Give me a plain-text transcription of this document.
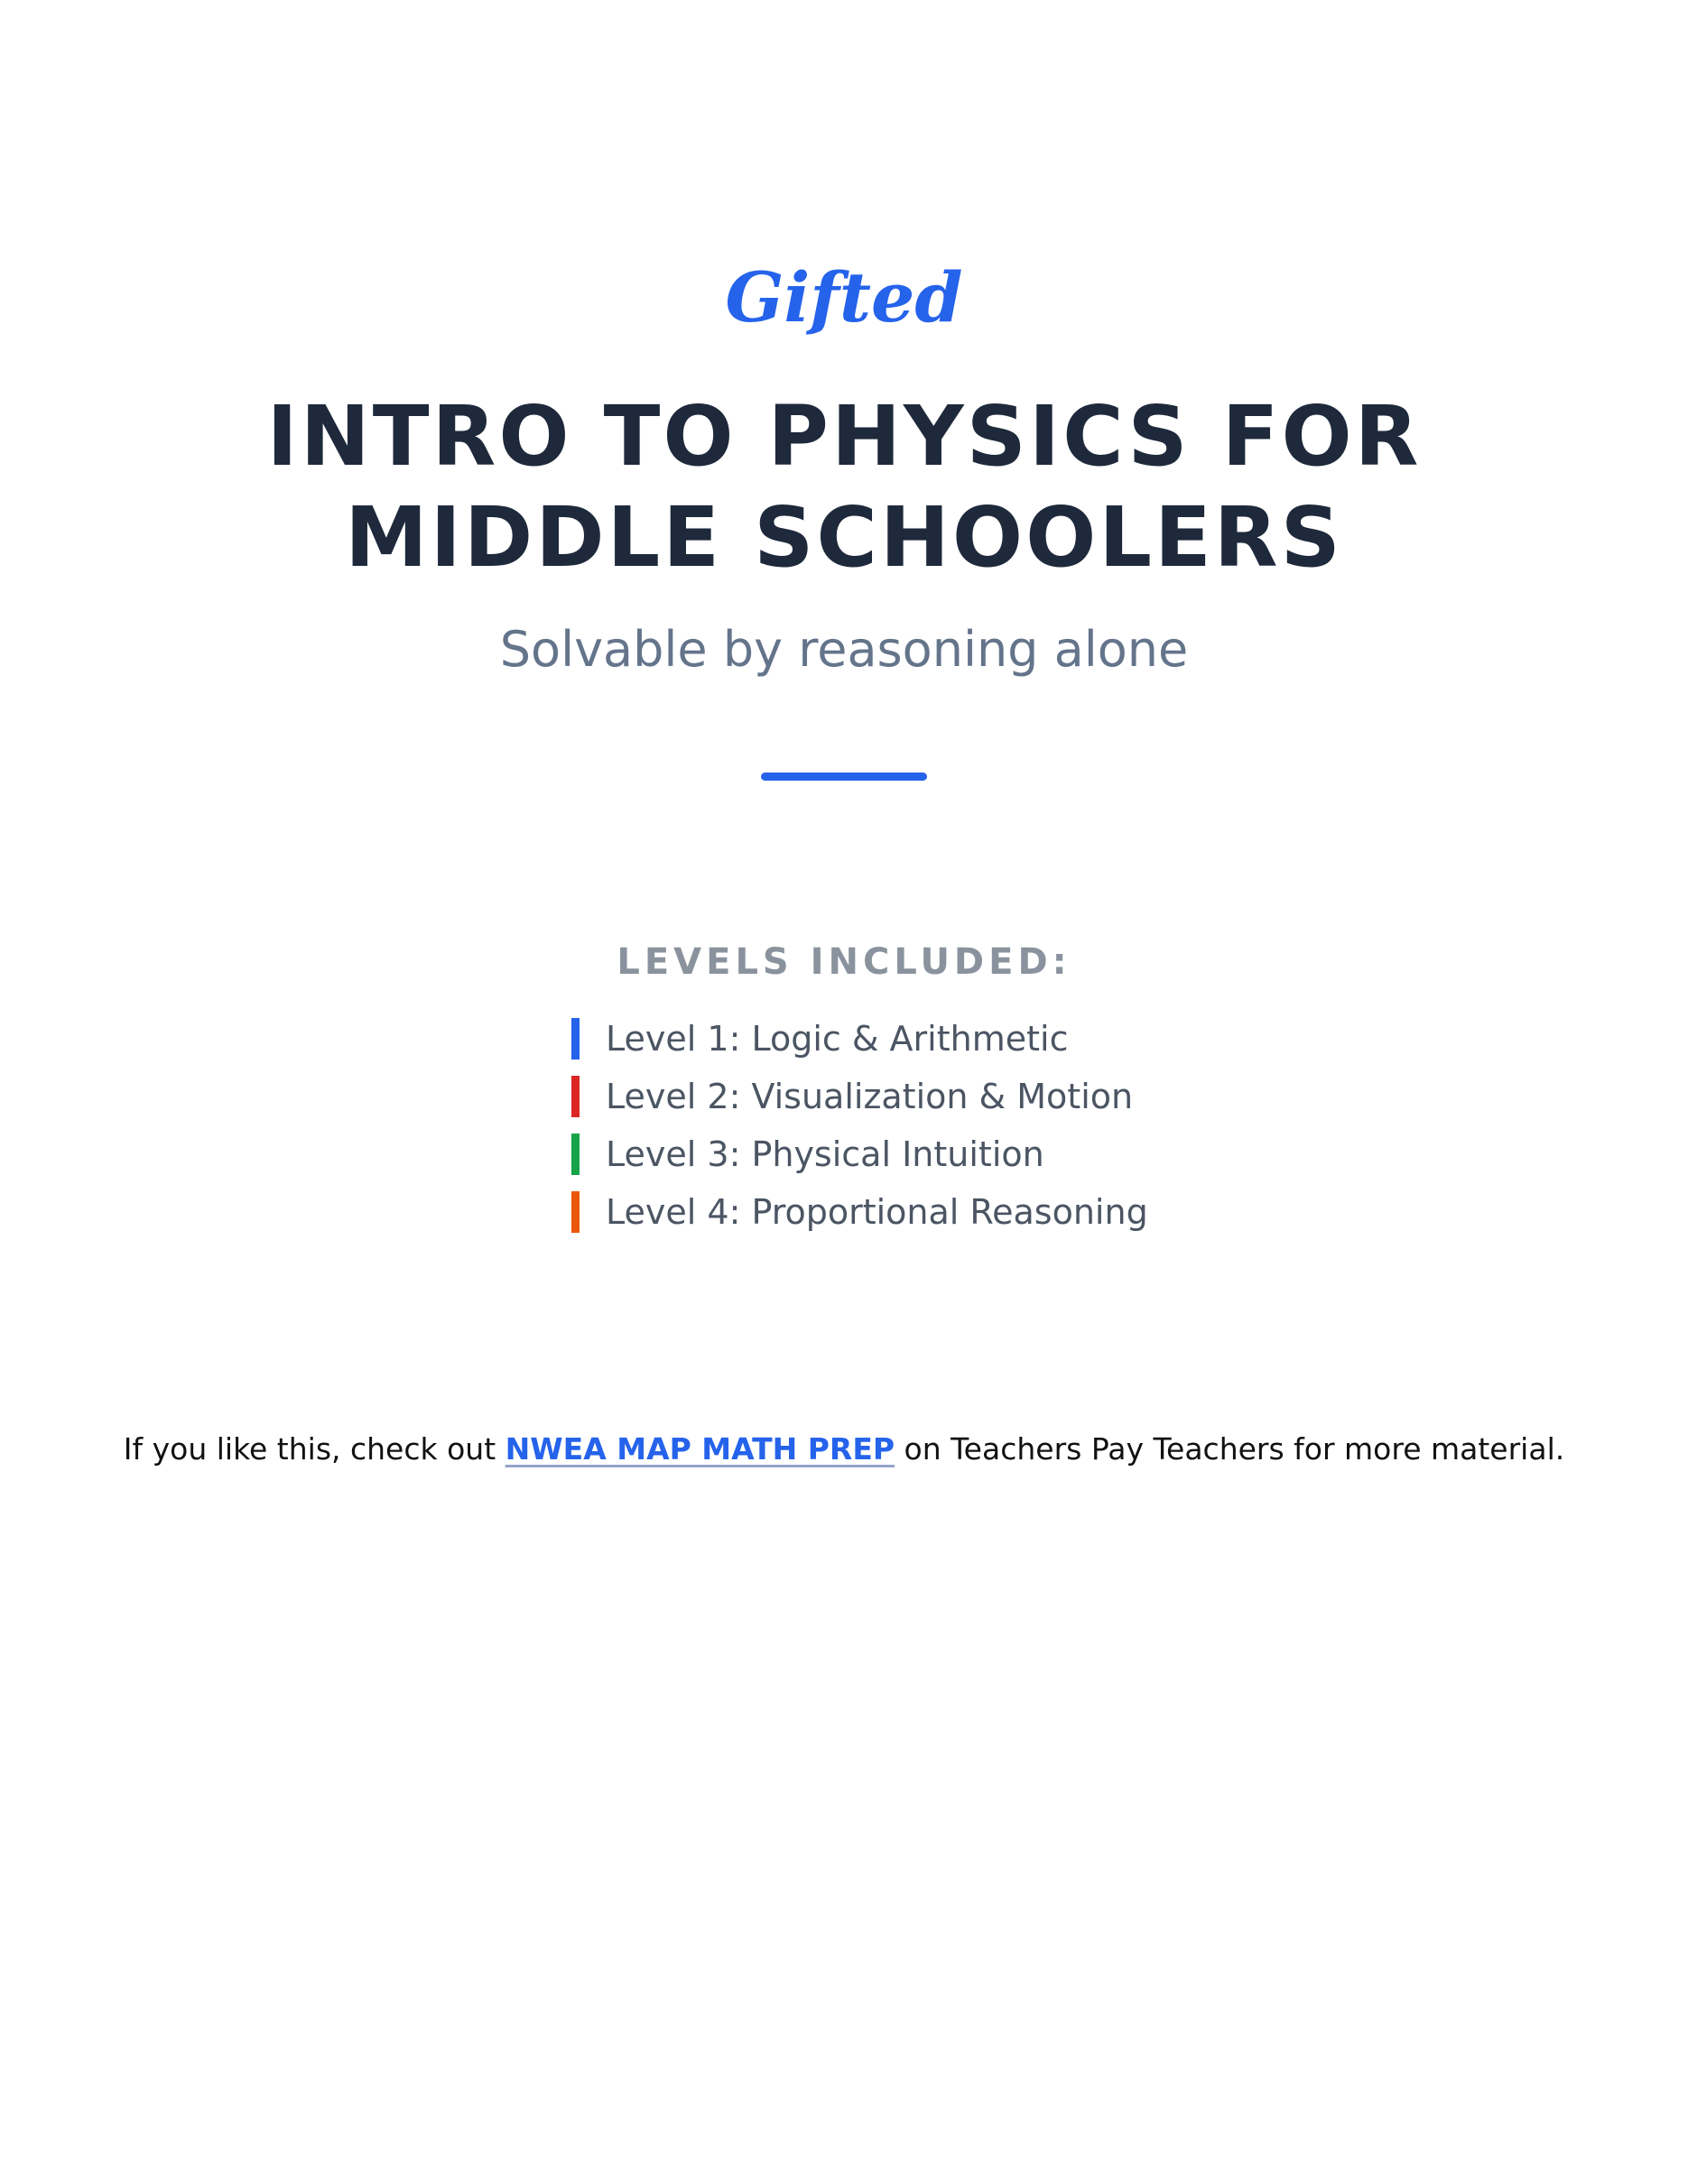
Gifted
INTRO TO PHYSICS FOR MIDDLE SCHOOLERS
Solvable by reasoning alone
LEVELS INCLUDED:
Level 1: Logic & Arithmetic
Level 2: Visualization & Motion
Level 3: Physical Intuition
Level 4: Proportional Reasoning
If you like this, check out NWEA MAP MATH PREP on Teachers Pay Teachers for more material.
